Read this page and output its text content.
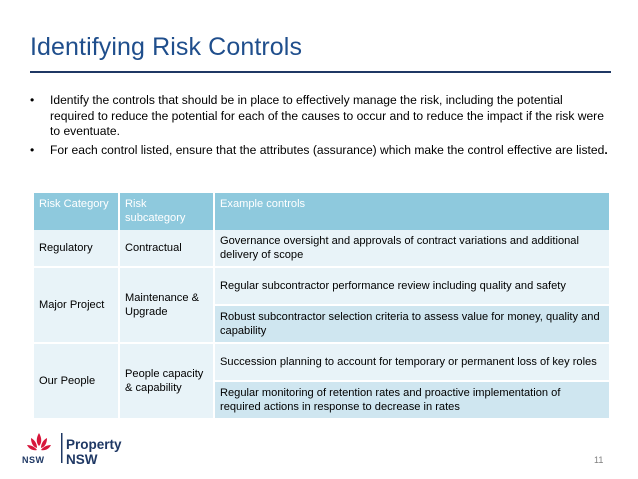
Identifying Risk Controls
• Identify the controls that should be in place to effectively manage the risk, including the potential required to reduce the potential for each of the causes to occur and to reduce the impact if the risk were to eventuate.
• For each control listed, ensure that the attributes (assurance) which make the control effective are listed.
Risk Category	Risk subcategory	Example controls
Regulatory	Contractual	Governance oversight and approvals of contract variations and additional delivery of scope
Major Project	Maintenance & Upgrade	Regular subcontractor performance review including quality and safety
		Robust subcontractor selection criteria to assess value for money, quality and capability
Our People	People capacity & capability	Succession planning to account for temporary or permanent loss of key roles
		Regular monitoring of retention rates and proactive implementation of required actions in response to decrease in rates
Property
NSW
NSW	11
